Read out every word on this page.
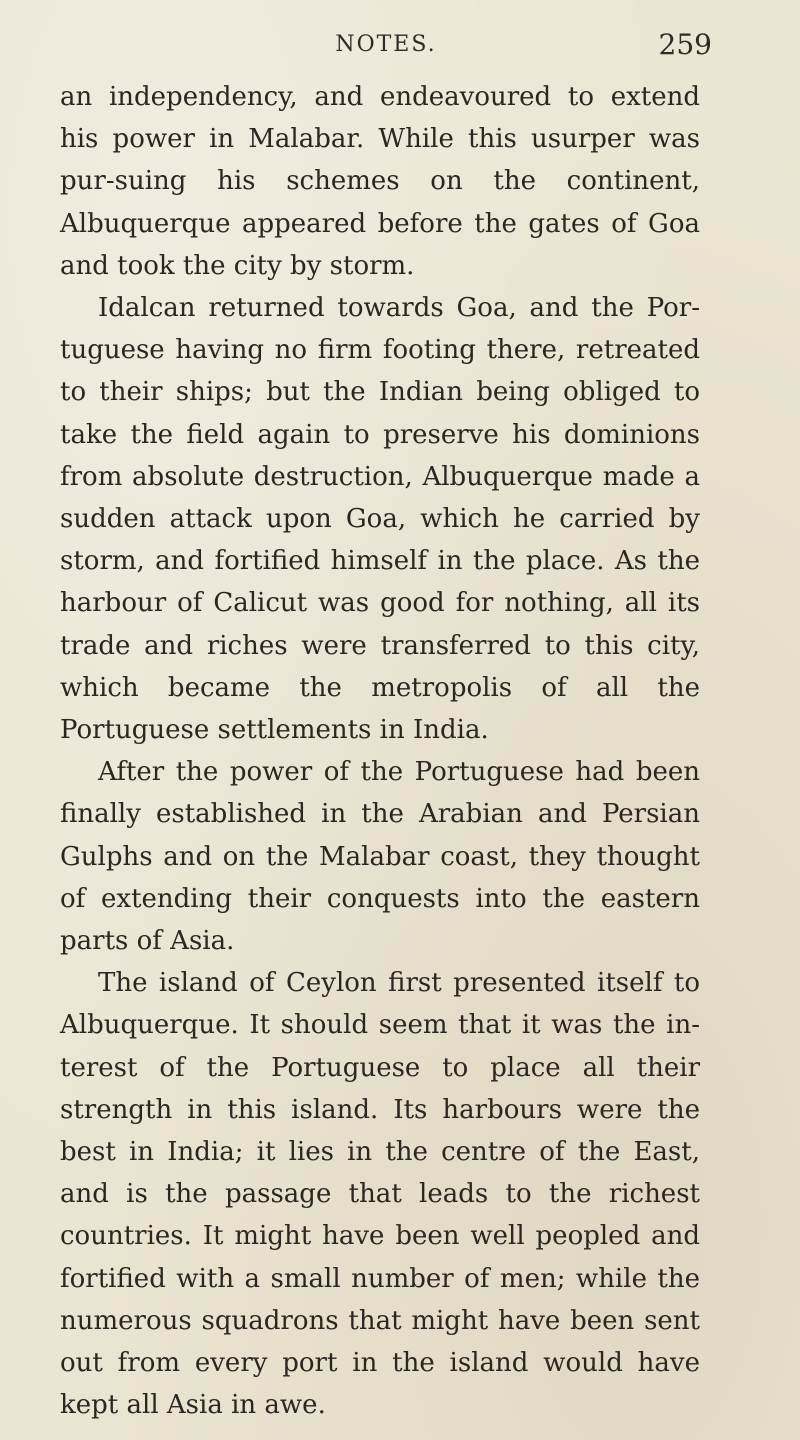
NOTES.	259

an independency, and endeavoured to extend his power in Malabar. While this usurper was pur-suing his schemes on the continent, Albuquerque appeared before the gates of Goa and took the city by storm.

Idalcan returned towards Goa, and the Por-tuguese having no firm footing there, retreated to their ships; but the Indian being obliged to take the field again to preserve his dominions from absolute destruction, Albuquerque made a sudden attack upon Goa, which he carried by storm, and fortified himself in the place. As the harbour of Calicut was good for nothing, all its trade and riches were transferred to this city, which became the metropolis of all the Portuguese settlements in India.

After the power of the Portuguese had been finally established in the Arabian and Persian Gulphs and on the Malabar coast, they thought of extending their conquests into the eastern parts of Asia.

The island of Ceylon first presented itself to Albuquerque. It should seem that it was the in-terest of the Portuguese to place all their strength in this island. Its harbours were the best in India; it lies in the centre of the East, and is the passage that leads to the richest countries. It might have been well peopled and fortified with a small number of men; while the numerous squadrons that might have been sent out from every port in the island would have kept all Asia in awe.
